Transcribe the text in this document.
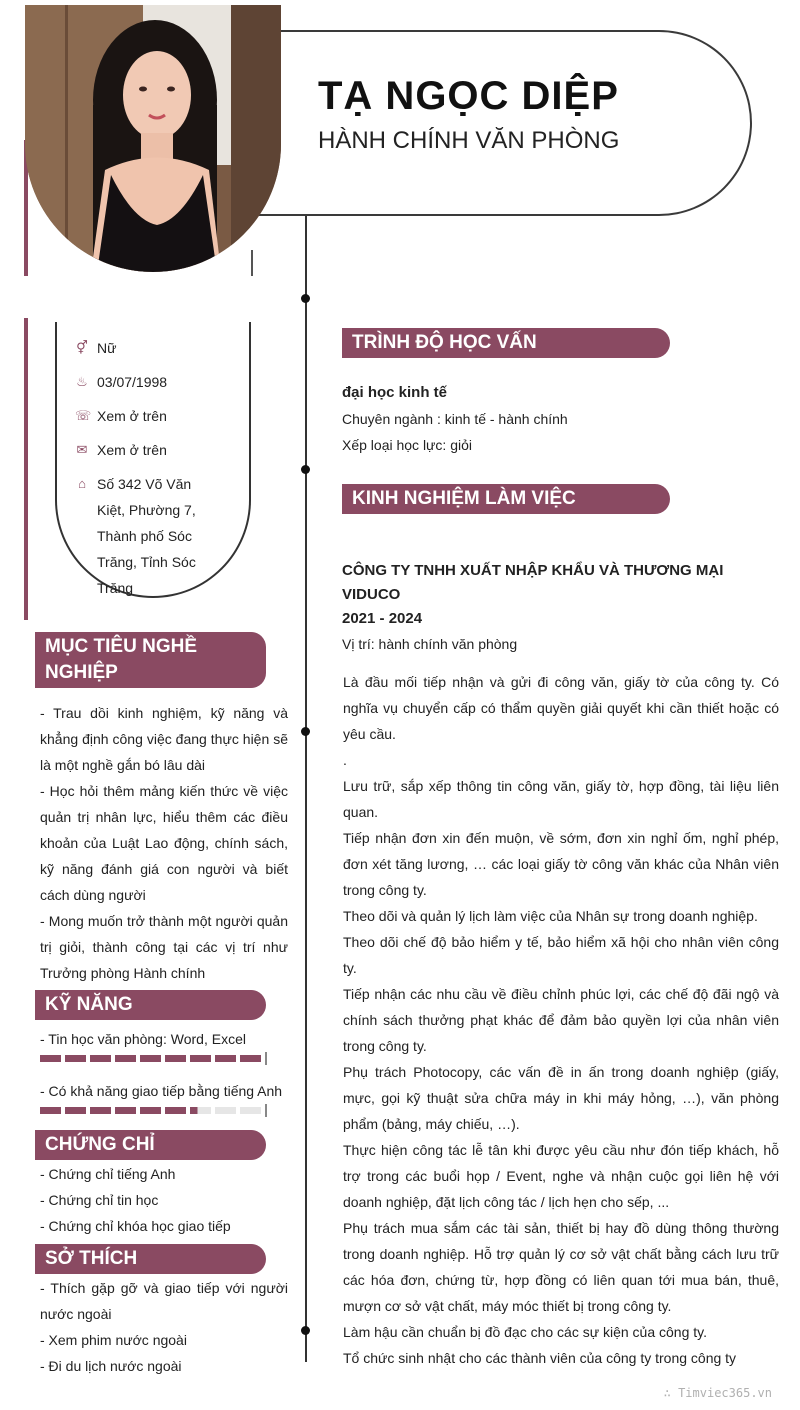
TẠ NGỌC DIỆP
HÀNH CHÍNH VĂN PHÒNG
⚥ Nữ
♨ 03/07/1998
☏ Xem ở trên
✉ Xem ở trên
⌂ Số 342 Võ Văn Kiệt, Phường 7, Thành phố Sóc Trăng, Tỉnh Sóc Trăng
MỤC TIÊU NGHỀ NGHIỆP
- Trau dồi kinh nghiệm, kỹ năng và khẳng định công việc đang thực hiện sẽ là một nghề gắn bó lâu dài
- Học hỏi thêm mảng kiến thức về việc quản trị nhân lực, hiểu thêm các điều khoản của Luật Lao động, chính sách, kỹ năng đánh giá con người và biết cách dùng người
- Mong muốn trở thành một người quản trị giỏi, thành công tại các vị trí như Trưởng phòng Hành chính
KỸ NĂNG
- Tin học văn phòng: Word, Excel
- Có khả năng giao tiếp bằng tiếng Anh
CHỨNG CHỈ
- Chứng chỉ tiếng Anh
- Chứng chỉ tin học
- Chứng chỉ khóa học giao tiếp
SỞ THÍCH
- Thích gặp gỡ và giao tiếp với người nước ngoài
- Xem phim nước ngoài
- Đi du lịch nước ngoài
TRÌNH ĐỘ HỌC VẤN
đại học kinh tế
Chuyên ngành : kinh tế - hành chính
Xếp loại học lực: giỏi
KINH NGHIỆM LÀM VIỆC
CÔNG TY TNHH XUẤT NHẬP KHẨU VÀ THƯƠNG MẠI VIDUCO
2021 - 2024
Vị trí: hành chính văn phòng
Là đầu mối tiếp nhận và gửi đi công văn, giấy tờ của công ty. Có nghĩa vụ chuyển cấp có thẩm quyền giải quyết khi cần thiết hoặc có yêu cầu.
.
Lưu trữ, sắp xếp thông tin công văn, giấy tờ, hợp đồng, tài liệu liên quan.
Tiếp nhận đơn xin đến muộn, về sớm, đơn xin nghỉ ốm, nghỉ phép, đơn xét tăng lương, … các loại giấy tờ công văn khác của Nhân viên trong công ty.
Theo dõi và quản lý lịch làm việc của Nhân sự trong doanh nghiệp.
Theo dõi chế độ bảo hiểm y tế, bảo hiểm xã hội cho nhân viên công ty.
Tiếp nhận các nhu cầu về điều chỉnh phúc lợi, các chế độ đãi ngộ và chính sách thưởng phạt khác để đảm bảo quyền lợi của nhân viên trong công ty.
Phụ trách Photocopy, các vấn đề in ấn trong doanh nghiệp (giấy, mực, gọi kỹ thuật sửa chữa máy in khi máy hỏng, …), văn phòng phẩm (bảng, máy chiếu, …).
Thực hiện công tác lễ tân khi được yêu cầu như đón tiếp khách, hỗ trợ trong các buổi họp / Event, nghe và nhận cuộc gọi liên hệ với doanh nghiệp, đặt lịch công tác / lịch hẹn cho sếp, ...
Phụ trách mua sắm các tài sản, thiết bị hay đồ dùng thông thường trong doanh nghiệp. Hỗ trợ quản lý cơ sở vật chất bằng cách lưu trữ các hóa đơn, chứng từ, hợp đồng có liên quan tới mua bán, thuê, mượn cơ sở vật chất, máy móc thiết bị trong công ty.
Làm hậu cần chuẩn bị đồ đạc cho các sự kiện của công ty.
Tổ chức sinh nhật cho các thành viên của công ty trong công ty
∴ Timviec365.vn
